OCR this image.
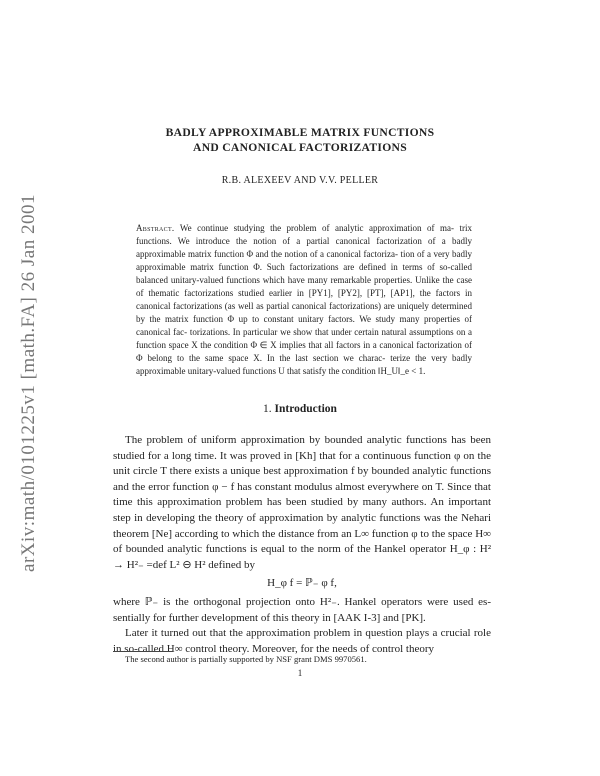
arXiv:math/0101225v1 [math.FA] 26 Jan 2001
BADLY APPROXIMABLE MATRIX FUNCTIONS
AND CANONICAL FACTORIZATIONS
R.B. ALEXEEV AND V.V. PELLER
Abstract. We continue studying the problem of analytic approximation of ma- trix functions. We introduce the notion of a partial canonical factorization of a badly approximable matrix function Φ and the notion of a canonical factoriza- tion of a very badly approximable matrix function Φ. Such factorizations are defined in terms of so-called balanced unitary-valued functions which have many remarkable properties. Unlike the case of thematic factorizations studied earlier in [PY1], [PY2], [PT], [AP1], the factors in canonical factorizations (as well as partial canonical factorizations) are uniquely determined by the matrix function Φ up to constant unitary factors. We study many properties of canonical fac- torizations. In particular we show that under certain natural assumptions on a function space X the condition Φ ∈ X implies that all factors in a canonical factorization of Φ belong to the same space X. In the last section we charac- terize the very badly approximable unitary-valued functions U that satisfy the condition ‖H_U‖_e < 1.
1. Introduction

The problem of uniform approximation by bounded analytic functions has been studied for a long time. It was proved in [Kh] that for a continuous function φ on the unit circle T there exists a unique best approximation f by bounded analytic functions and the error function φ − f has constant modulus almost everywhere on T. Since that time this approximation problem has been studied by many authors. An important step in developing the theory of approximation by analytic functions was the Nehari theorem [Ne] according to which the distance from an L∞ function φ to the space H∞ of bounded analytic functions is equal to the norm of the Hankel operator H_φ : H² → H²₋ =def L² ⊖ H² defined by

H_φ f = ℙ₋ φ f,

where ℙ₋ is the orthogonal projection onto H²₋. Hankel operators were used es- sentially for further development of this theory in [AAK I-3] and [PK].

Later it turned out that the approximation problem in question plays a crucial role in so-called H∞ control theory. Moreover, for the needs of control theory

The second author is partially supported by NSF grant DMS 9970561.
1
